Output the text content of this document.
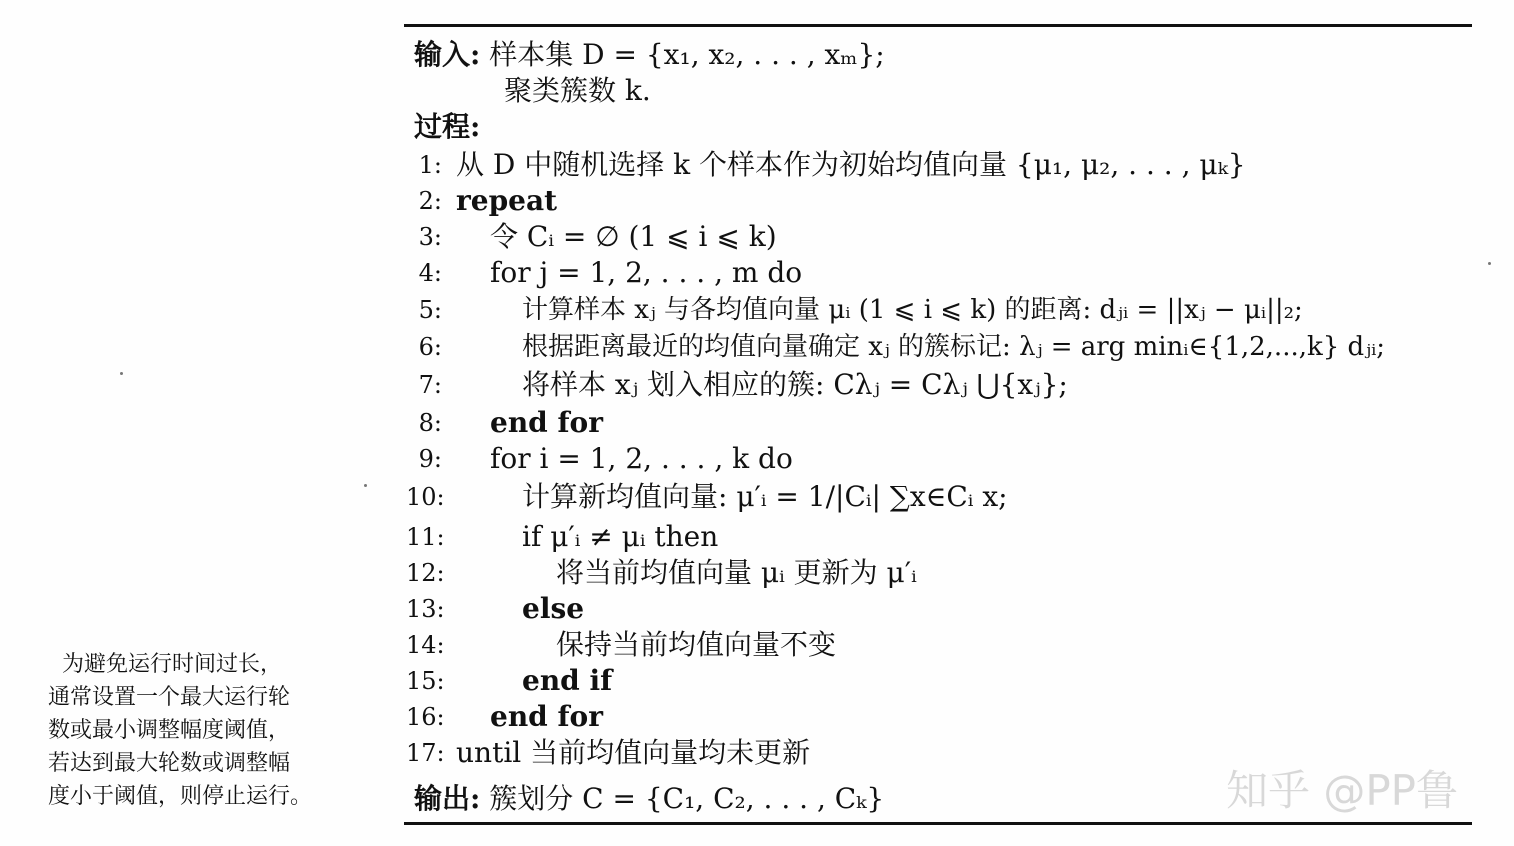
输入: 样本集 D = {x₁, x₂, . . . , xₘ};
聚类簇数 k.
过程:
1: 从 D 中随机选择 k 个样本作为初始均值向量 {μ₁, μ₂, . . . , μₖ}
2: repeat
3: 令 Cᵢ = ∅ (1 ⩽ i ⩽ k)
4: for j = 1, 2, . . . , m do
5:	计算样本 xⱼ 与各均值向量 μᵢ (1 ⩽ i ⩽ k) 的距离: dⱼᵢ = ||xⱼ − μᵢ||₂;
6:	根据距离最近的均值向量确定 xⱼ 的簇标记: λⱼ = arg minᵢ∈{1,2,...,k} dⱼᵢ;
7:	将样本 xⱼ 划入相应的簇: Cλⱼ = Cλⱼ ⋃{xⱼ};
8: end for
9: for i = 1, 2, . . . , k do
10:	计算新均值向量: μ′ᵢ = 1/|Cᵢ| ∑x∈Cᵢ x;
11:	if μ′ᵢ ≠ μᵢ then
12:	将当前均值向量 μᵢ 更新为 μ′ᵢ
13:	else
14:	保持当前均值向量不变
15:	end if
16: end for
17: until 当前均值向量均未更新
输出: 簇划分 C = {C₁, C₂, . . . , Cₖ}
为避免运行时间过长，
通常设置一个最大运行轮
数或最小调整幅度阈值，
若达到最大轮数或调整幅
度小于阈值，则停止运行。	知乎 @PP鲁
